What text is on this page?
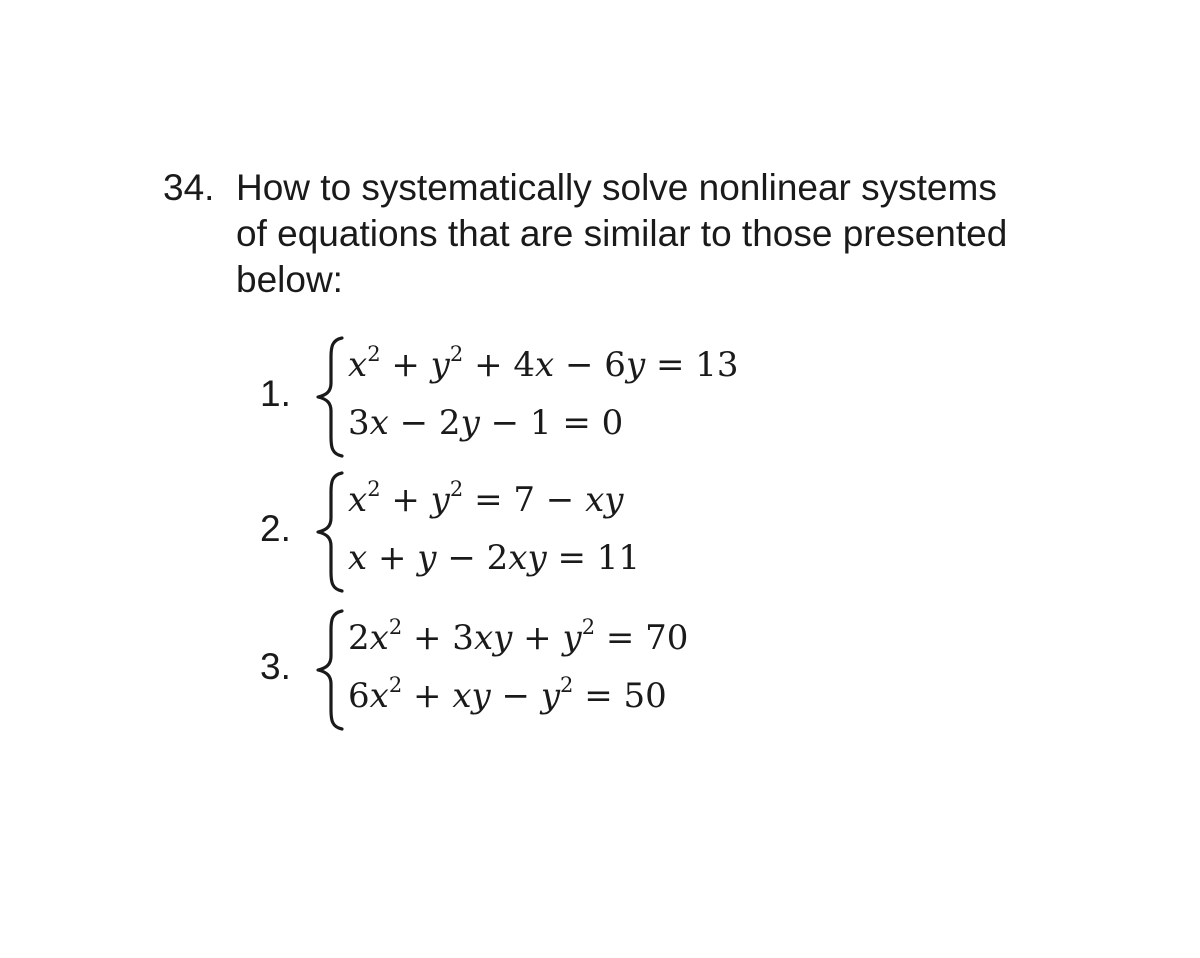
34. How to systematically solve nonlinear systems
of equations that are similar to those presented
below:
1.
$x^2 + y^2 + 4x - 6y = 13$
3x − 2y − 1 = 0
2.
$x^2 + y^2 = 7$ − xy
x + y − 2xy = 11
3.
$2x^2 + 3xy + y^2 = 70$
$6x^2$ + xy − $y^2 = 50$
